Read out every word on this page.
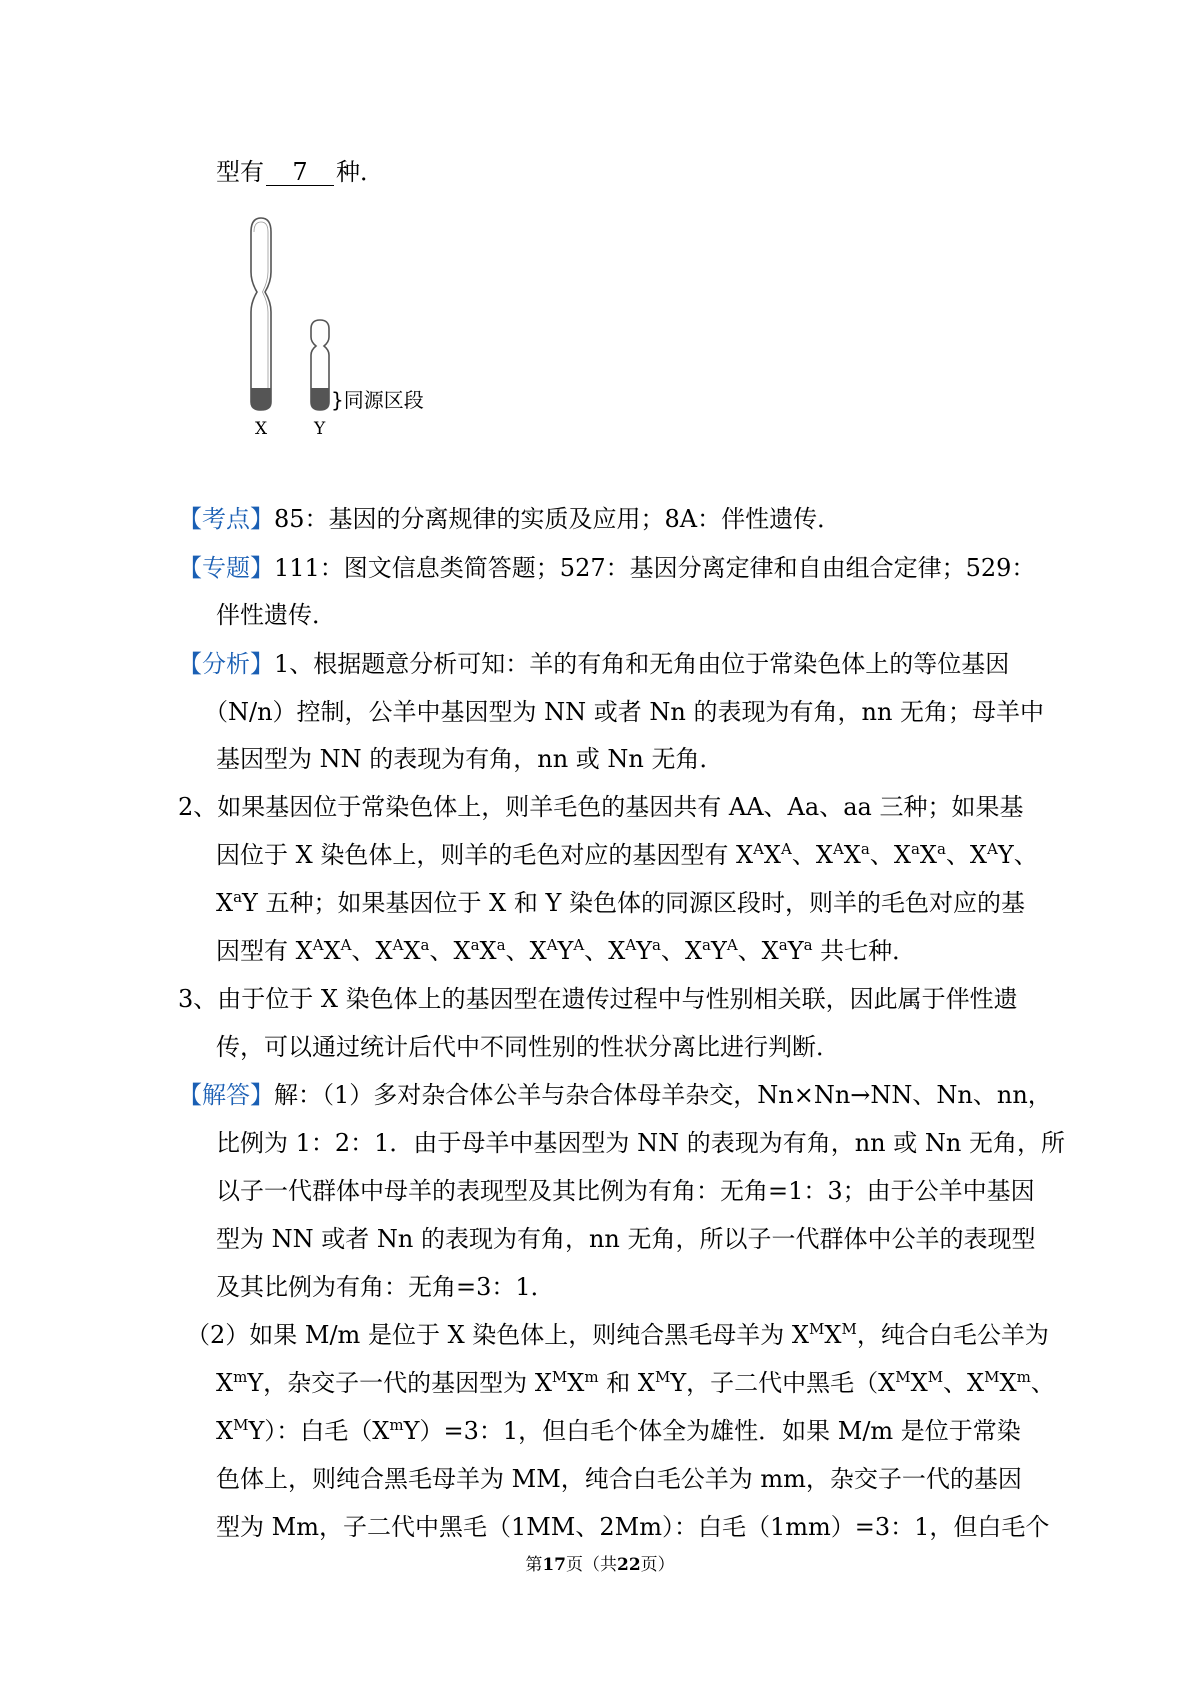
型有 7 种．
X	Y
}同源区段
【考点】85：基因的分离规律的实质及应用；8A：伴性遗传．
【专题】111：图文信息类简答题；527：基因分离定律和自由组合定律；529：
伴性遗传．
【分析】1、根据题意分析可知：羊的有角和无角由位于常染色体上的等位基因
（N/n）控制，公羊中基因型为 NN 或者 Nn 的表现为有角，nn 无角；母羊中
基因型为 NN 的表现为有角，nn 或 Nn 无角．
2、如果基因位于常染色体上，则羊毛色的基因共有 AA、Aa、aa 三种；如果基
因位于 X 染色体上，则羊的毛色对应的基因型有 $X^AX^A$、$X^AX^a$、$X^aX^a$、$X^AY$、
$X^aY$ 五种；如果基因位于 X 和 Y 染色体的同源区段时，则羊的毛色对应的基
因型有 $X^AX^A$、$X^AX^a$、$X^aX^a$、$X^AY^A$、$X^AY^a$、$X^aY^A$、$X^aY^a$ 共七种．
3、由于位于 X 染色体上的基因型在遗传过程中与性别相关联，因此属于伴性遗
传，可以通过统计后代中不同性别的性状分离比进行判断．
【解答】解：（1）多对杂合体公羊与杂合体母羊杂交，Nn×Nn→NN、Nn、nn，
比例为 1：2：1．由于母羊中基因型为 NN 的表现为有角，nn 或 Nn 无角，所
以子一代群体中母羊的表现型及其比例为有角：无角=1：3；由于公羊中基因
型为 NN 或者 Nn 的表现为有角，nn 无角，所以子一代群体中公羊的表现型
及其比例为有角：无角=3：1．
（2）如果 M/m 是位于 X 染色体上，则纯合黑毛母羊为 $X^MX^M$，纯合白毛公羊为
$X^mY$，杂交子一代的基因型为 $X^MX^m$ 和 $X^MY$，子二代中黑毛（$X^MX^M$、$X^MX^m$、
$X^MY$）：白毛$(X^mY)=3$：1，但白毛个体全为雄性．如果 M/m 是位于常染
色体上，则纯合黑毛母羊为 MM，纯合白毛公羊为 mm，杂交子一代的基因
型为 Mm，子二代中黑毛（1MM、2Mm）：白毛（1mm）=3：1，但白毛个
第17页（共22页）
